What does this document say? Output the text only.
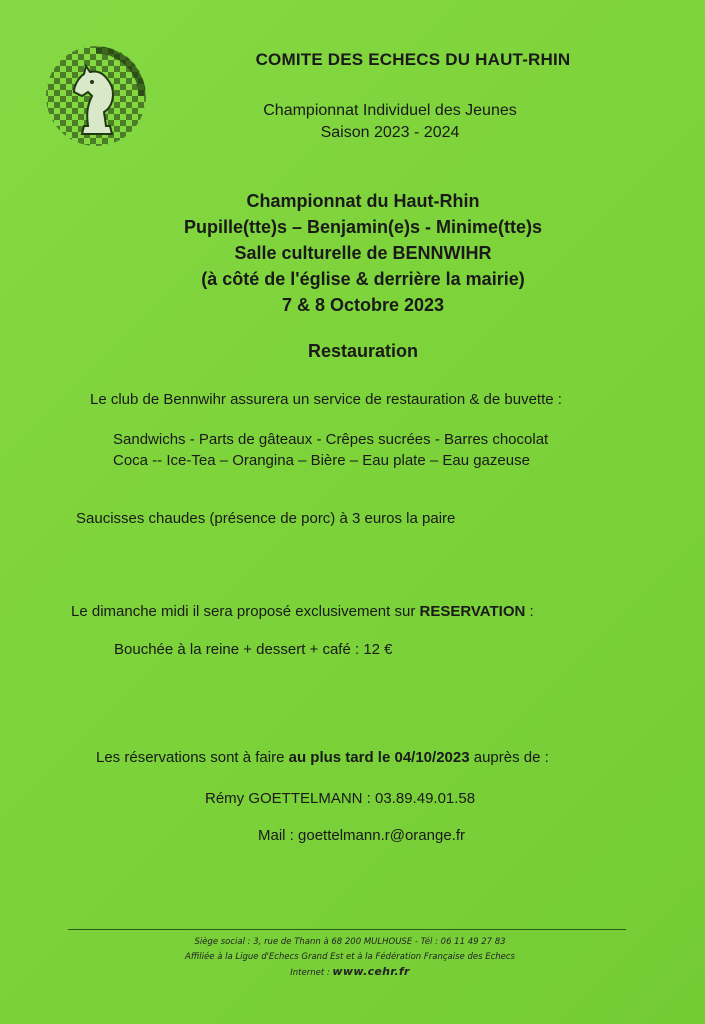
COMITE DES ECHECS DU HAUT-RHIN
Championnat Individuel des Jeunes
Saison 2023 - 2024
Championnat du Haut-Rhin
Pupille(tte)s – Benjamin(e)s - Minime(tte)s
Salle culturelle de BENNWIHR
(à côté de l'église & derrière la mairie)
7 & 8 Octobre 2023
Restauration
Le club de Bennwihr assurera un service de restauration & de buvette :
Sandwichs - Parts de gâteaux - Crêpes sucrées - Barres chocolat
Coca -- Ice-Tea – Orangina – Bière – Eau plate – Eau gazeuse
Saucisses chaudes (présence de porc) à 3 euros la paire
Le dimanche midi il sera proposé exclusivement sur RESERVATION :
Bouchée à la reine + dessert + café : 12 €
Les réservations sont à faire au plus tard le 04/10/2023 auprès de :
Rémy GOETTELMANN : 03.89.49.01.58
Mail : goettelmann.r@orange.fr
Siège social : 3, rue de Thann à 68 200 MULHOUSE - Tél : 06 11 49 27 83
Affiliée à la Ligue d'Echecs Grand Est et à la Fédération Française des Echecs
Internet : www.cehr.fr
